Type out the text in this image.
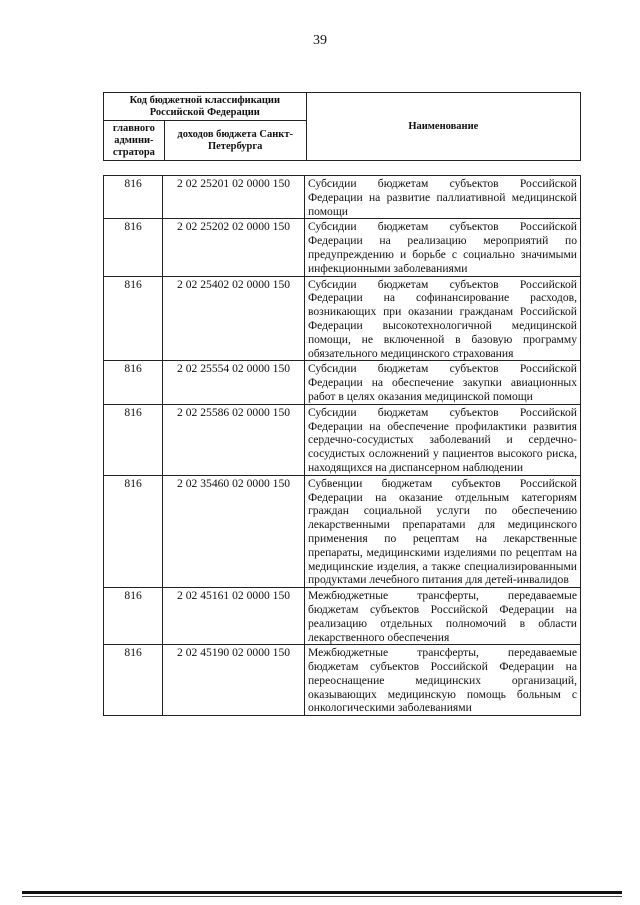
39
Код бюджетной классификации Российской Федерации		Наименование
главного админи-стратора	доходов бюджета Санкт-Петербурга	
816	2 02 25201 02 0000 150	Субсидии бюджетам субъектов Российской Федерации на развитие паллиативной медицинской помощи
816	2 02 25202 02 0000 150	Субсидии бюджетам субъектов Российской Федерации на реализацию мероприятий по предупреждению и борьбе с социально значимыми инфекционными заболеваниями
816	2 02 25402 02 0000 150	Субсидии бюджетам субъектов Российской Федерации на софинансирование расходов, возникающих при оказании гражданам Российской Федерации высокотехнологичной медицинской помощи, не включенной в базовую программу обязательного медицинского страхования
816	2 02 25554 02 0000 150	Субсидии бюджетам субъектов Российской Федерации на обеспечение закупки авиационных работ в целях оказания медицинской помощи
816	2 02 25586 02 0000 150	Субсидии бюджетам субъектов Российской Федерации на обеспечение профилактики развития сердечно-сосудистых заболеваний и сердечно-сосудистых осложнений у пациентов высокого риска, находящихся на диспансерном наблюдении
816	2 02 35460 02 0000 150	Субвенции бюджетам субъектов Российской Федерации на оказание отдельным категориям граждан социальной услуги по обеспечению лекарственными препаратами для медицинского применения по рецептам на лекарственные препараты, медицинскими изделиями по рецептам на медицинские изделия, а также специализированными продуктами лечебного питания для детей-инвалидов
816	2 02 45161 02 0000 150	Межбюджетные трансферты, передаваемые бюджетам субъектов Российской Федерации на реализацию отдельных полномочий в области лекарственного обеспечения
816	2 02 45190 02 0000 150	Межбюджетные трансферты, передаваемые бюджетам субъектов Российской Федерации на переоснащение медицинских организаций, оказывающих медицинскую помощь больным с онкологическими заболеваниями
